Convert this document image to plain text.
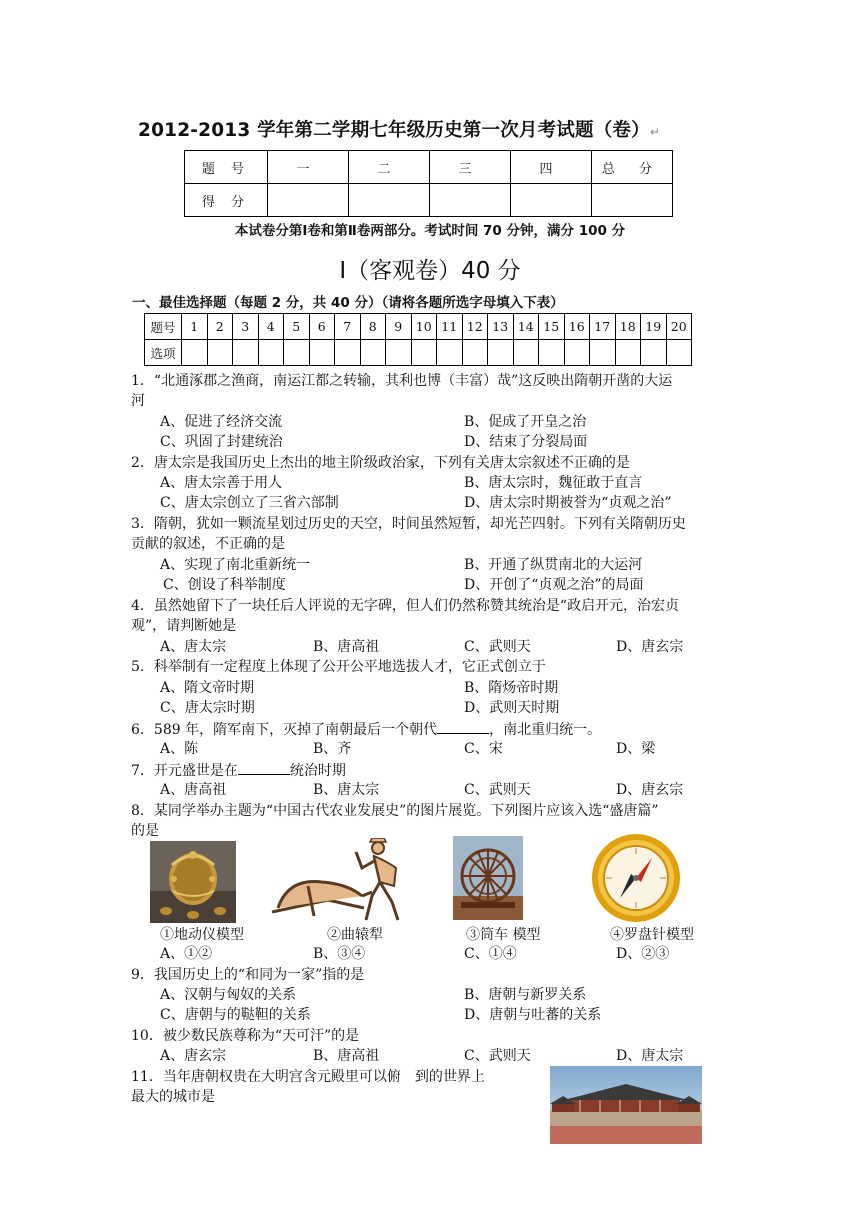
2012-2013 学年第二学期七年级历史第一次月考试题（卷）↵
题 号	一	二	三	四	总 分
得 分					
本试卷分第Ⅰ卷和第Ⅱ卷两部分。考试时间 70 分钟，满分 100 分
Ⅰ（客观卷）40 分
一、最佳选择题（每题 2 分，共 40 分）（请将各题所选字母填入下表）
题号	1	2	3	4	5	6	7	8	9	10	11	12	13	14	15	16	17	18	19	20
选项																				
1．“北通涿郡之渔商，南运江都之转输，其利也博（丰富）哉”这反映出隋朝开凿的大运
河
A、促进了经济交流	B、促成了开皇之治
C、巩固了封建统治	D、结束了分裂局面
2．唐太宗是我国历史上杰出的地主阶级政治家，下列有关唐太宗叙述不正确的是
A、唐太宗善于用人	B、唐太宗时，魏征敢于直言
C、唐太宗创立了三省六部制	D、唐太宗时期被誉为“贞观之治”
3．隋朝，犹如一颗流星划过历史的天空，时间虽然短暂，却光芒四射。下列有关隋朝历史
贡献的叙述，不正确的是
A、实现了南北重新统一	B、开通了纵贯南北的大运河
C、创设了科举制度	D、开创了“贞观之治”的局面
4．虽然她留下了一块任后人评说的无字碑，但人们仍然称赞其统治是“政启开元，治宏贞
观”，请判断她是
A、唐太宗	B、唐高祖	C、武则天	D、唐玄宗
5．科举制有一定程度上体现了公开公平地选拔人才，它正式创立于
A、隋文帝时期	B、隋炀帝时期
C、唐太宗时期	D、武则天时期
6．589 年，隋军南下，灭掉了南朝最后一个朝代	，南北重归统一。
A、陈	B、齐	C、宋	D、梁
7．开元盛世是在	统治时期
A、唐高祖	B、唐太宗	C、武则天	D、唐玄宗
8．某同学举办主题为“中国古代农业发展史”的图片展览。下列图片应该入选“盛唐篇”
的是
①地动仪模型	②曲辕犁	③筒车 模型	④罗盘针模型
A、①②	B、③④	C、①④	D、②③
9．我国历史上的“和同为一家”指的是
A、汉朝与匈奴的关系	B、唐朝与新罗关系
C、唐朝与的鞑靼的关系	D、唐朝与吐蕃的关系
10．被少数民族尊称为“天可汗”的是
A、唐玄宗	B、唐高祖	C、武则天	D、唐太宗
11．当年唐朝权贵在大明宫含元殿里可以俯　到的世界上
最大的城市是
